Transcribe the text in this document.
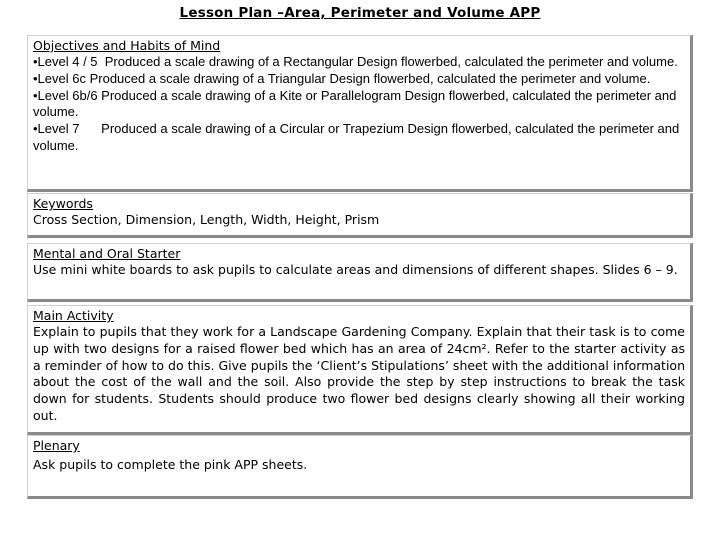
Lesson Plan –Area, Perimeter and Volume APP
Objectives and Habits of Mind
•Level 4 / 5  Produced a scale drawing of a Rectangular Design flowerbed, calculated the perimeter and volume.
•Level 6c Produced a scale drawing of a Triangular Design flowerbed, calculated the perimeter and volume.
•Level 6b/6 Produced a scale drawing of a Kite or Parallelogram Design flowerbed, calculated the perimeter and volume.
•Level 7      Produced a scale drawing of a Circular or Trapezium Design flowerbed, calculated the perimeter and volume.
Keywords
Cross Section, Dimension, Length, Width, Height, Prism
Mental and Oral Starter
Use mini white boards to ask pupils to calculate areas and dimensions of different shapes. Slides 6 – 9.
Main Activity
Explain to pupils that they work for a Landscape Gardening Company. Explain that their task is to come up with two designs for a raised flower bed which has an area of 24cm². Refer to the starter activity as a reminder of how to do this. Give pupils the ‘Client’s Stipulations’ sheet with the additional information about the cost of the wall and the soil. Also provide the step by step instructions to break the task down for students. Students should produce two flower bed designs clearly showing all their working out.
Plenary
Ask pupils to complete the pink APP sheets.
